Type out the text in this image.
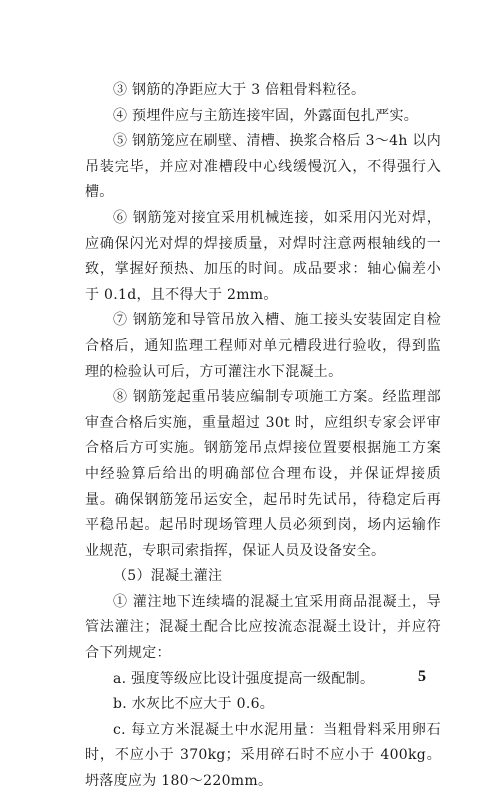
③ 钢筋的净距应大于 3 倍粗骨料粒径。

④ 预埋件应与主筋连接牢固，外露面包扎严实。

⑤ 钢筋笼应在刷壁、清槽、换浆合格后 3～4h 以内吊装完毕，并应对准槽段中心线缓慢沉入，不得强行入槽。

⑥ 钢筋笼对接宜采用机械连接，如采用闪光对焊，应确保闪光对焊的焊接质量，对焊时注意两根轴线的一致，掌握好预热、加压的时间。成品要求：轴心偏差小于 0.1d，且不得大于 2mm。

⑦ 钢筋笼和导管吊放入槽、施工接头安装固定自检合格后，通知监理工程师对单元槽段进行验收，得到监理的检验认可后，方可灌注水下混凝土。

⑧ 钢筋笼起重吊装应编制专项施工方案。经监理部审查合格后实施，重量超过 30t 时，应组织专家会评审合格后方可实施。钢筋笼吊点焊接位置要根据施工方案中经验算后给出的明确部位合理布设，并保证焊接质量。确保钢筋笼吊运安全，起吊时先试吊，待稳定后再平稳吊起。起吊时现场管理人员必须到岗，场内运输作业规范，专职司索指挥，保证人员及设备安全。

（5）混凝土灌注

① 灌注地下连续墙的混凝土宜采用商品混凝土，导管法灌注；混凝土配合比应按流态混凝土设计，并应符合下列规定：

a. 强度等级应比设计强度提高一级配制。

b. 水灰比不应大于 0.6。

c. 每立方米混凝土中水泥用量：当粗骨料采用卵石时，不应小于 370kg；采用碎石时不应小于 400kg。坍落度应为 180～220mm。

5
